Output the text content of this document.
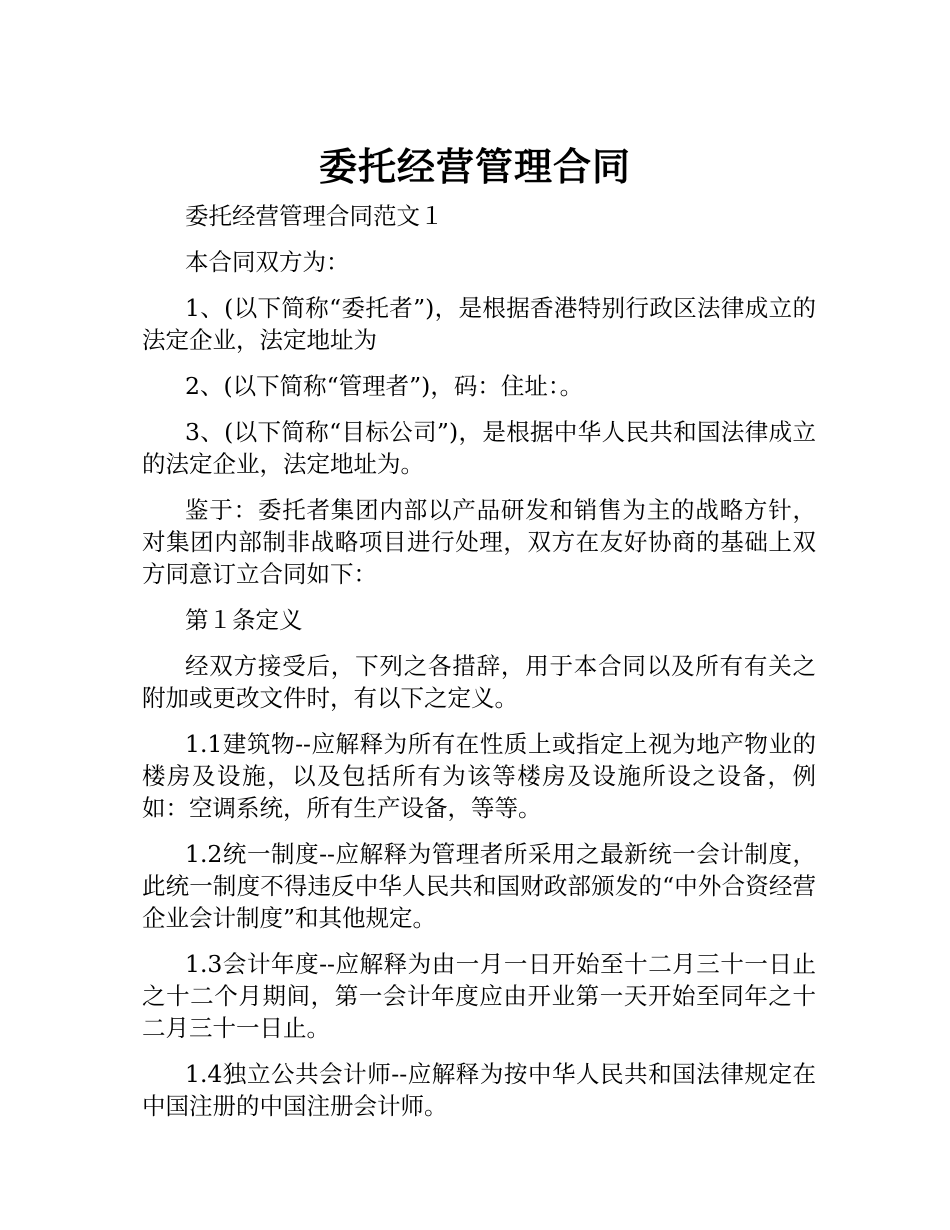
委托经营管理合同

委托经营管理合同范文１

本合同双方为：

1、(以下简称“委托者”)，是根据香港特别行政区法律成立的法定企业，法定地址为

2、(以下简称“管理者”)，码：住址：。

3、(以下简称“目标公司”)，是根据中华人民共和国法律成立的法定企业，法定地址为。

鉴于：委托者集团内部以产品研发和销售为主的战略方针，对集团内部制非战略项目进行处理，双方在友好协商的基础上双方同意订立合同如下：

第１条定义

经双方接受后，下列之各措辞，用于本合同以及所有有关之附加或更改文件时，有以下之定义。

1.1建筑物--应解释为所有在性质上或指定上视为地产物业的楼房及设施，以及包括所有为该等楼房及设施所设之设备，例如：空调系统，所有生产设备，等等。

1.2统一制度--应解释为管理者所采用之最新统一会计制度，此统一制度不得违反中华人民共和国财政部颁发的“中外合资经营企业会计制度”和其他规定。

1.3会计年度--应解释为由一月一日开始至十二月三十一日止之十二个月期间，第一会计年度应由开业第一天开始至同年之十二月三十一日止。

1.4独立公共会计师--应解释为按中华人民共和国法律规定在中国注册的中国注册会计师。
